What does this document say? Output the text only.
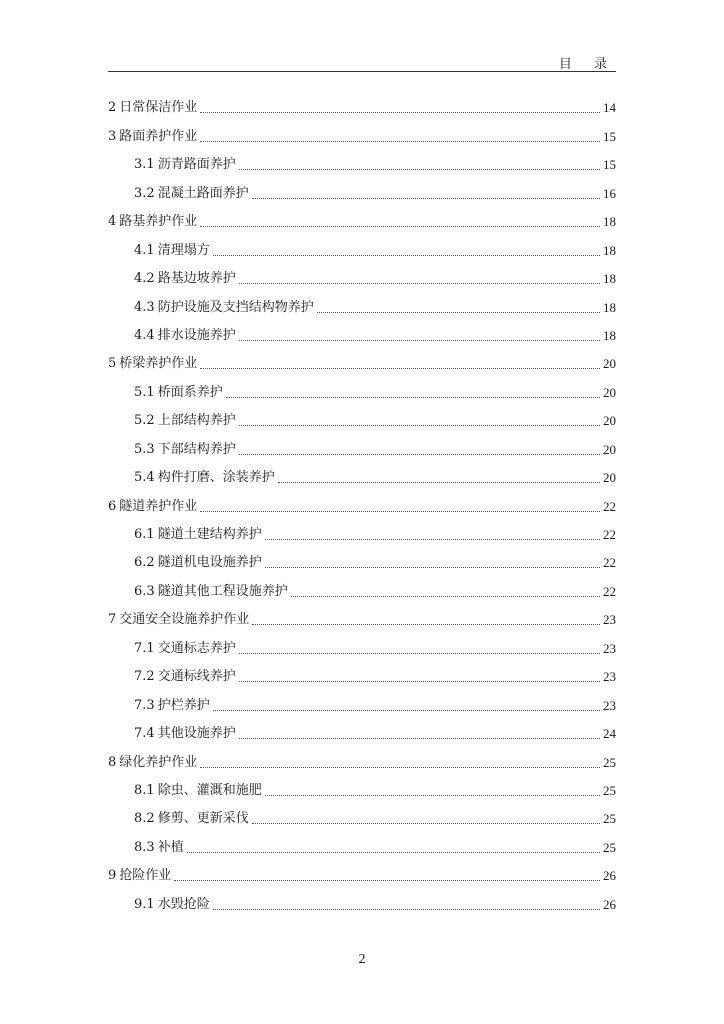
目 录
2 日常保洁作业	14
3 路面养护作业	15
3.1 沥青路面养护	15
3.2 混凝土路面养护	16
4 路基养护作业	18
4.1 清理塌方	18
4.2 路基边坡养护	18
4.3 防护设施及支挡结构物养护	18
4.4 排水设施养护	18
5 桥梁养护作业	20
5.1 桥面系养护	20
5.2 上部结构养护	20
5.3 下部结构养护	20
5.4 构件打磨、涂装养护	20
6 隧道养护作业	22
6.1 隧道土建结构养护	22
6.2 隧道机电设施养护	22
6.3 隧道其他工程设施养护	22
7 交通安全设施养护作业	23
7.1 交通标志养护	23
7.2 交通标线养护	23
7.3 护栏养护	23
7.4 其他设施养护	24
8 绿化养护作业	25
8.1 除虫、灌溉和施肥	25
8.2 修剪、更新采伐	25
8.3 补植	25
9 抢险作业	26
9.1 水毁抢险	26
2
